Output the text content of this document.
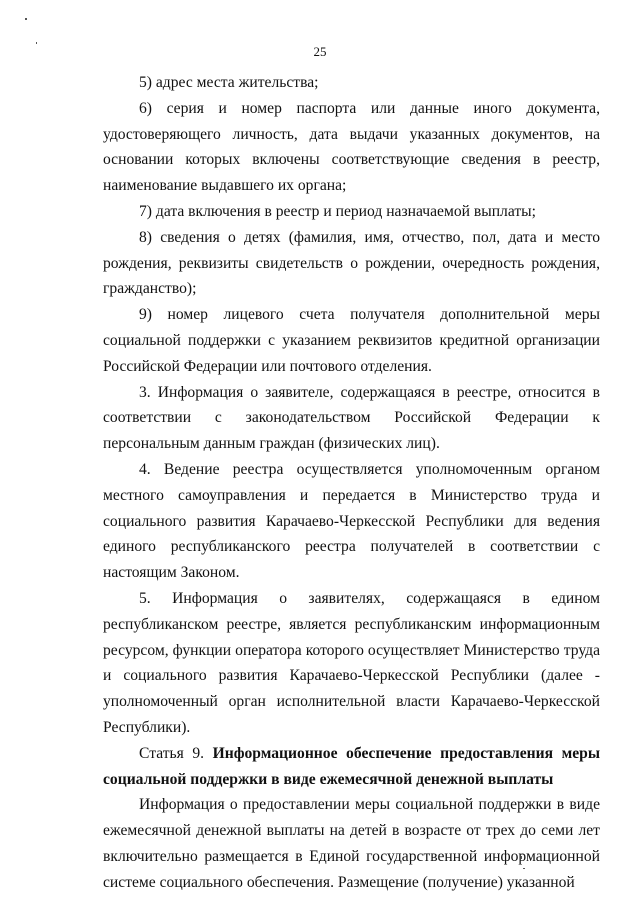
25

5) адрес места жительства;

6) серия и номер паспорта или данные иного документа, удостоверяющего личность, дата выдачи указанных документов, на основании которых включены соответствующие сведения в реестр, наименование выдавшего их органа;

7) дата включения в реестр и период назначаемой выплаты;

8) сведения о детях (фамилия, имя, отчество, пол, дата и место рождения, реквизиты свидетельств о рождении, очередность рождения, гражданство);

9) номер лицевого счета получателя дополнительной меры социальной поддержки с указанием реквизитов кредитной организации Российской Федерации или почтового отделения.

3. Информация о заявителе, содержащаяся в реестре, относится в соответствии с законодательством Российской Федерации к персональным данным граждан (физических лиц).

4. Ведение реестра осуществляется уполномоченным органом местного самоуправления и передается в Министерство труда и социального развития Карачаево-Черкесской Республики для ведения единого республиканского реестра получателей в соответствии с настоящим Законом.

5. Информация о заявителях, содержащаяся в едином республиканском реестре, является республиканским информационным ресурсом, функции оператора которого осуществляет Министерство труда и социального развития Карачаево-Черкесской Республики (далее - уполномоченный орган исполнительной власти Карачаево-Черкесской Республики).

Статья 9. Информационное обеспечение предоставления меры социальной поддержки в виде ежемесячной денежной выплаты

Информация о предоставлении меры социальной поддержки в виде ежемесячной денежной выплаты на детей в возрасте от трех до семи лет включительно размещается в Единой государственной информационной системе социального обеспечения. Размещение (получение) указанной
